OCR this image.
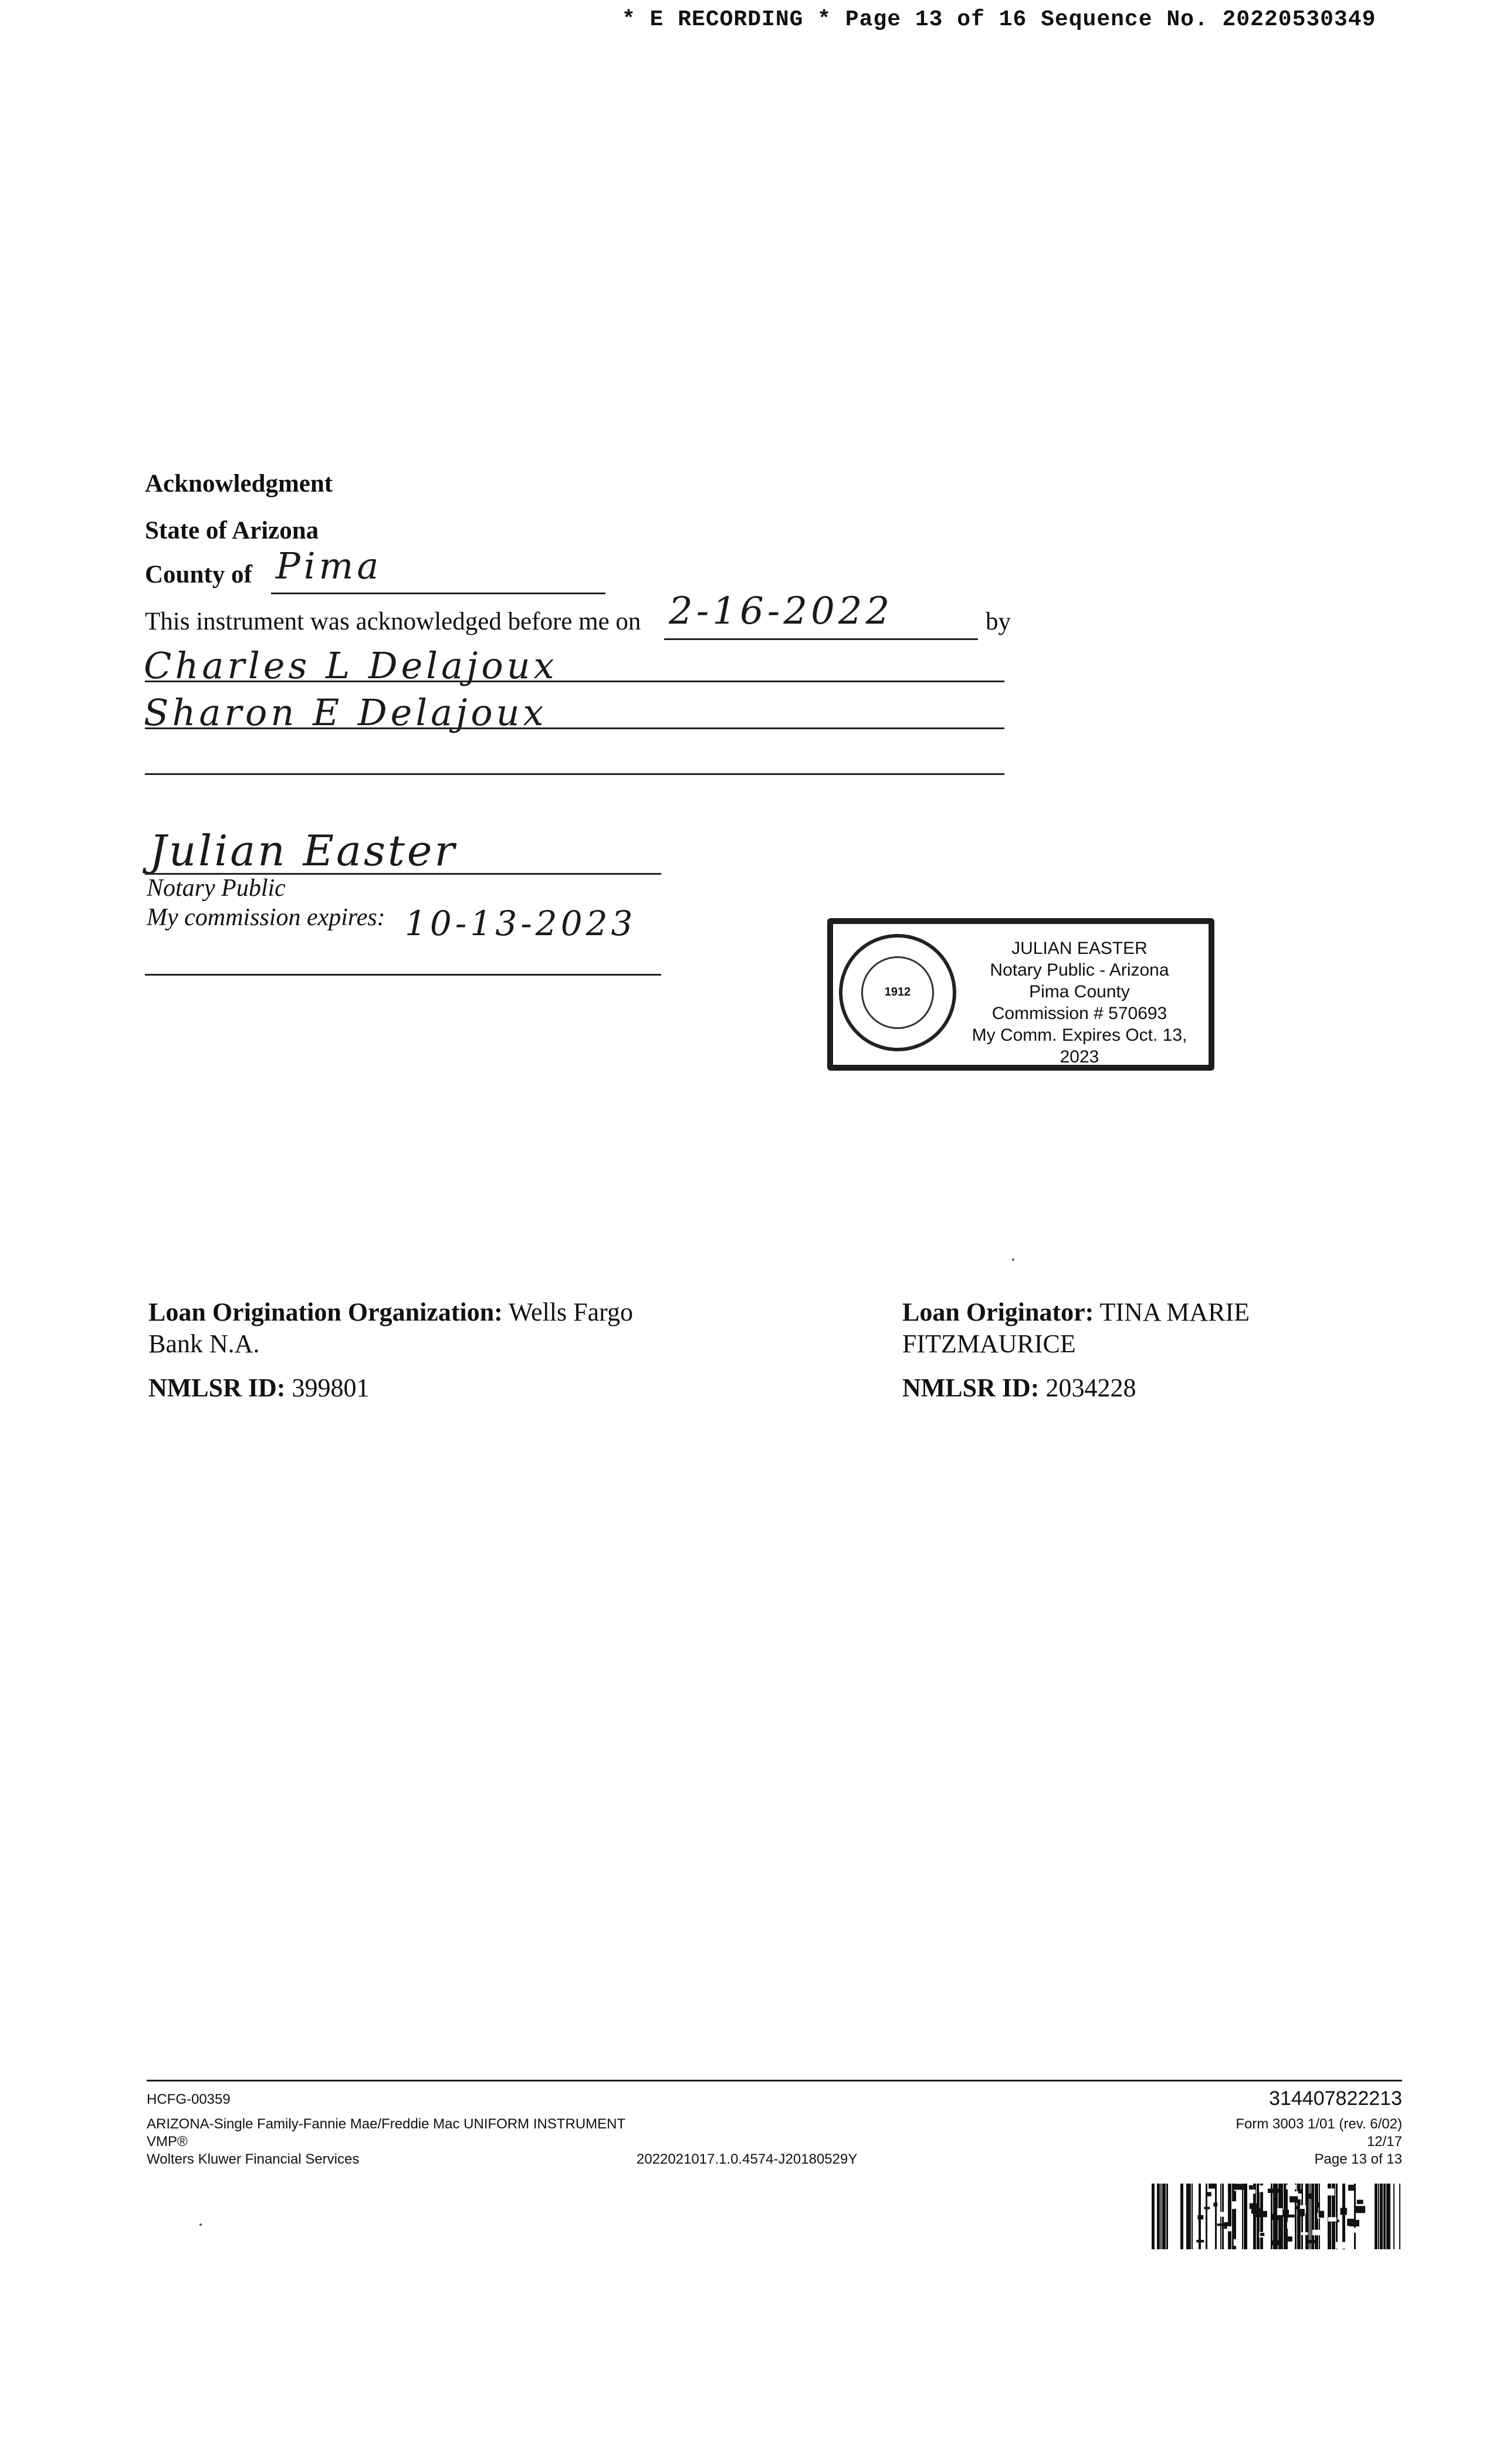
* E RECORDING * Page 13 of 16 Sequence No. 20220530349
Acknowledgment
State of Arizona
County of Pima
This instrument was acknowledged before me on 2-16-2022	by
Charles L Delajoux
Sharon E Delajoux
Julian Easter
Notary Public
My commission expires: 10-13-2023
1912
JULIAN EASTER
Notary Public - Arizona
Pima County
Commission # 570693
My Comm. Expires Oct. 13, 2023
Loan Origination Organization: Wells Fargo Bank N.A.
NMLSR ID: 399801
Loan Originator: TINA MARIE FITZMAURICE
NMLSR ID: 2034228
HCFG-00359
ARIZONA-Single Family-Fannie Mae/Freddie Mac UNIFORM INSTRUMENT
VMP®
Wolters Kluwer Financial Services	2022021017.1.0.4574-J20180529Y
314407822213
Form 3003 1/01 (rev. 6/02)
12/17
Page 13 of 13
